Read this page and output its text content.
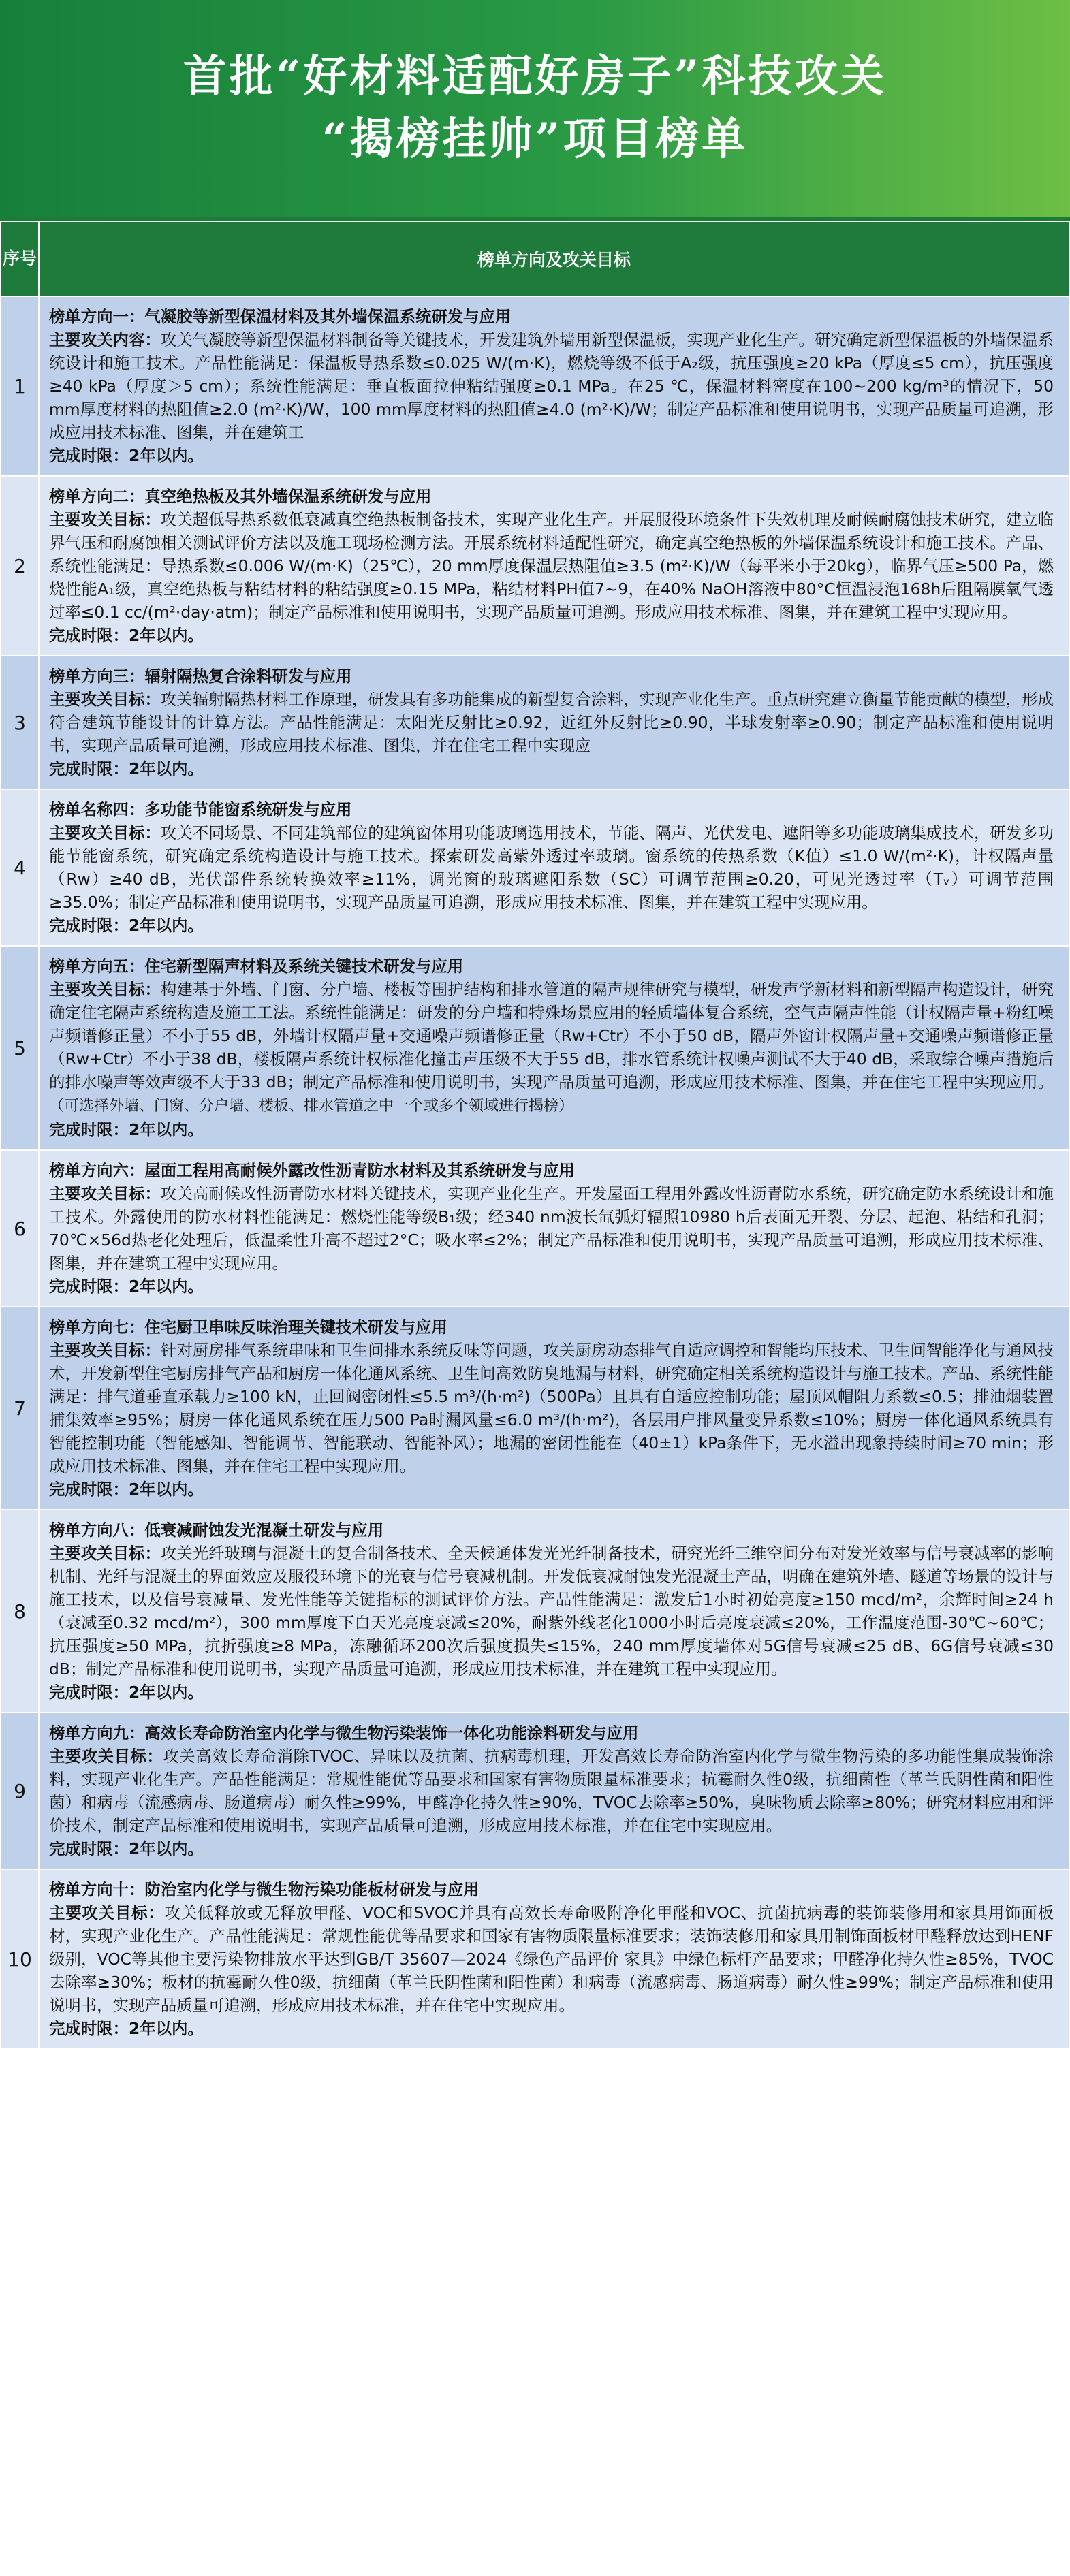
首批“好材料适配好房子”科技攻关
“揭榜挂帅”项目榜单
序号	榜单方向及攻关目标
1	榜单方向一：气凝胶等新型保温材料及其外墙保温系统研发与应用
主要攻关内容：攻关气凝胶等新型保温材料制备等关键技术，开发建筑外墙用新型保温板，实现产业化生产。研究确定新型保温板的外墙保温系统设计和施工技术。产品性能满足：保温板导热系数≤0.025 W/(m·K)，燃烧等级不低于A₂级，抗压强度≥20 kPa（厚度≤5 cm），抗压强度≥40 kPa（厚度＞5 cm）；系统性能满足：垂直板面拉伸粘结强度≥0.1 MPa。在25 ℃，保温材料密度在100~200 kg/m³的情况下，50 mm厚度材料的热阻值≥2.0 (m²·K)/W，100 mm厚度材料的热阻值≥4.0 (m²·K)/W；制定产品标准和使用说明书，实现产品质量可追溯，形成应用技术标准、图集，并在建筑工
完成时限：2年以内。

2	榜单方向二：真空绝热板及其外墙保温系统研发与应用
主要攻关目标：攻关超低导热系数低衰减真空绝热板制备技术，实现产业化生产。开展服役环境条件下失效机理及耐候耐腐蚀技术研究，建立临界气压和耐腐蚀相关测试评价方法以及施工现场检测方法。开展系统材料适配性研究，确定真空绝热板的外墙保温系统设计和施工技术。产品、系统性能满足：导热系数≤0.006 W/(m·K)（25℃），20 mm厚度保温层热阻值≥3.5 (m²·K)/W（每平米小于20kg），临界气压≥500 Pa，燃烧性能A₁级，真空绝热板与粘结材料的粘结强度≥0.15 MPa，粘结材料PH值7~9，在40% NaOH溶液中80°C恒温浸泡168h后阻隔膜氧气透过率≤0.1 cc/(m²·day·atm)；制定产品标准和使用说明书，实现产品质量可追溯。形成应用技术标准、图集，并在建筑工程中实现应用。
完成时限：2年以内。

3	榜单方向三：辐射隔热复合涂料研发与应用
主要攻关目标：攻关辐射隔热材料工作原理，研发具有多功能集成的新型复合涂料，实现产业化生产。重点研究建立衡量节能贡献的模型，形成符合建筑节能设计的计算方法。产品性能满足：太阳光反射比≥0.92，近红外反射比≥0.90，半球发射率≥0.90；制定产品标准和使用说明书，实现产品质量可追溯，形成应用技术标准、图集，并在住宅工程中实现应
完成时限：2年以内。

4	榜单名称四：多功能节能窗系统研发与应用
主要攻关目标：攻关不同场景、不同建筑部位的建筑窗体用功能玻璃选用技术，节能、隔声、光伏发电、遮阳等多功能玻璃集成技术，研发多功能节能窗系统，研究确定系统构造设计与施工技术。探索研发高紫外透过率玻璃。窗系统的传热系数（K值）≤1.0 W/(m²·K)，计权隔声量（Rw）≥40 dB，光伏部件系统转换效率≥11%，调光窗的玻璃遮阳系数（SC）可调节范围≥0.20，可见光透过率（Tᵥ）可调节范围≥35.0%；制定产品标准和使用说明书，实现产品质量可追溯，形成应用技术标准、图集，并在建筑工程中实现应用。
完成时限：2年以内。

5	榜单方向五：住宅新型隔声材料及系统关键技术研发与应用
主要攻关目标：构建基于外墙、门窗、分户墙、楼板等围护结构和排水管道的隔声规律研究与模型，研发声学新材料和新型隔声构造设计，研究确定住宅隔声系统构造及施工工法。系统性能满足：研发的分户墙和特殊场景应用的轻质墙体复合系统，空气声隔声性能（计权隔声量+粉红噪声频谱修正量）不小于55 dB，外墙计权隔声量+交通噪声频谱修正量（Rw+Ctr）不小于50 dB，隔声外窗计权隔声量+交通噪声频谱修正量（Rw+Ctr）不小于38 dB，楼板隔声系统计权标准化撞击声压级不大于55 dB，排水管系统计权噪声测试不大于40 dB，采取综合噪声措施后的排水噪声等效声级不大于33 dB；制定产品标准和使用说明书，实现产品质量可追溯，形成应用技术标准、图集，并在住宅工程中实现应用。（可选择外墙、门窗、分户墙、楼板、排水管道之中一个或多个领域进行揭榜）
完成时限：2年以内。

6	榜单方向六：屋面工程用高耐候外露改性沥青防水材料及其系统研发与应用
主要攻关目标：攻关高耐候改性沥青防水材料关键技术，实现产业化生产。开发屋面工程用外露改性沥青防水系统，研究确定防水系统设计和施工技术。外露使用的防水材料性能满足：燃烧性能等级B₁级；经340 nm波长氙弧灯辐照10980 h后表面无开裂、分层、起泡、粘结和孔洞；70℃×56d热老化处理后，低温柔性升高不超过2°C；吸水率≤2%；制定产品标准和使用说明书，实现产品质量可追溯，形成应用技术标准、图集，并在建筑工程中实现应用。
完成时限：2年以内。

7	榜单方向七：住宅厨卫串味反味治理关键技术研发与应用
主要攻关目标：针对厨房排气系统串味和卫生间排水系统反味等问题，攻关厨房动态排气自适应调控和智能均压技术、卫生间智能净化与通风技术，开发新型住宅厨房排气产品和厨房一体化通风系统、卫生间高效防臭地漏与材料，研究确定相关系统构造设计与施工技术。产品、系统性能满足：排气道垂直承载力≥100 kN，止回阀密闭性≤5.5 m³/(h·m²)（500Pa）且具有自适应控制功能；屋顶风帽阻力系数≤0.5；排油烟装置捕集效率≥95%；厨房一体化通风系统在压力500 Pa时漏风量≤6.0 m³/(h·m²)，各层用户排风量变异系数≤10%；厨房一体化通风系统具有智能控制功能（智能感知、智能调节、智能联动、智能补风）；地漏的密闭性能在（40±1）kPa条件下，无水溢出现象持续时间≥70 min；形成应用技术标准、图集，并在住宅工程中实现应用。
完成时限：2年以内。

8	榜单方向八：低衰减耐蚀发光混凝土研发与应用
主要攻关目标：攻关光纤玻璃与混凝土的复合制备技术、全天候通体发光光纤制备技术，研究光纤三维空间分布对发光效率与信号衰减率的影响机制、光纤与混凝土的界面效应及服役环境下的光衰与信号衰减机制。开发低衰减耐蚀发光混凝土产品，明确在建筑外墙、隧道等场景的设计与施工技术，以及信号衰减量、发光性能等关键指标的测试评价方法。产品性能满足：激发后1小时初始亮度≥150 mcd/m²，余辉时间≥24 h（衰减至0.32 mcd/m²），300 mm厚度下白天光亮度衰减≤20%，耐紫外线老化1000小时后亮度衰减≤20%，工作温度范围-30℃~60℃；抗压强度≥50 MPa，抗折强度≥8 MPa，冻融循环200次后强度损失≤15%，240 mm厚度墙体对5G信号衰减≤25 dB、6G信号衰减≤30 dB；制定产品标准和使用说明书，实现产品质量可追溯，形成应用技术标准，并在建筑工程中实现应用。
完成时限：2年以内。

9	榜单方向九：高效长寿命防治室内化学与微生物污染装饰一体化功能涂料研发与应用
主要攻关目标：攻关高效长寿命消除TVOC、异味以及抗菌、抗病毒机理，开发高效长寿命防治室内化学与微生物污染的多功能性集成装饰涂料，实现产业化生产。产品性能满足：常规性能优等品要求和国家有害物质限量标准要求；抗霉耐久性0级，抗细菌性（革兰氏阴性菌和阳性菌）和病毒（流感病毒、肠道病毒）耐久性≥99%，甲醛净化持久性≥90%，TVOC去除率≥50%，臭味物质去除率≥80%；研究材料应用和评价技术，制定产品标准和使用说明书，实现产品质量可追溯，形成应用技术标准，并在住宅中实现应用。
完成时限：2年以内。

10	榜单方向十：防治室内化学与微生物污染功能板材研发与应用
主要攻关目标：攻关低释放或无释放甲醛、VOC和SVOC并具有高效长寿命吸附净化甲醛和VOC、抗菌抗病毒的装饰装修用和家具用饰面板材，实现产业化生产。产品性能满足：常规性能优等品要求和国家有害物质限量标准要求；装饰装修用和家具用制饰面板材甲醛释放达到HENF级别，VOC等其他主要污染物排放水平达到GB/T 35607—2024《绿色产品评价 家具》中绿色标杆产品要求；甲醛净化持久性≥85%，TVOC去除率≥30%；板材的抗霉耐久性0级，抗细菌（革兰氏阴性菌和阳性菌）和病毒（流感病毒、肠道病毒）耐久性≥99%；制定产品标准和使用说明书，实现产品质量可追溯，形成应用技术标准，并在住宅中实现应用。
完成时限：2年以内。
